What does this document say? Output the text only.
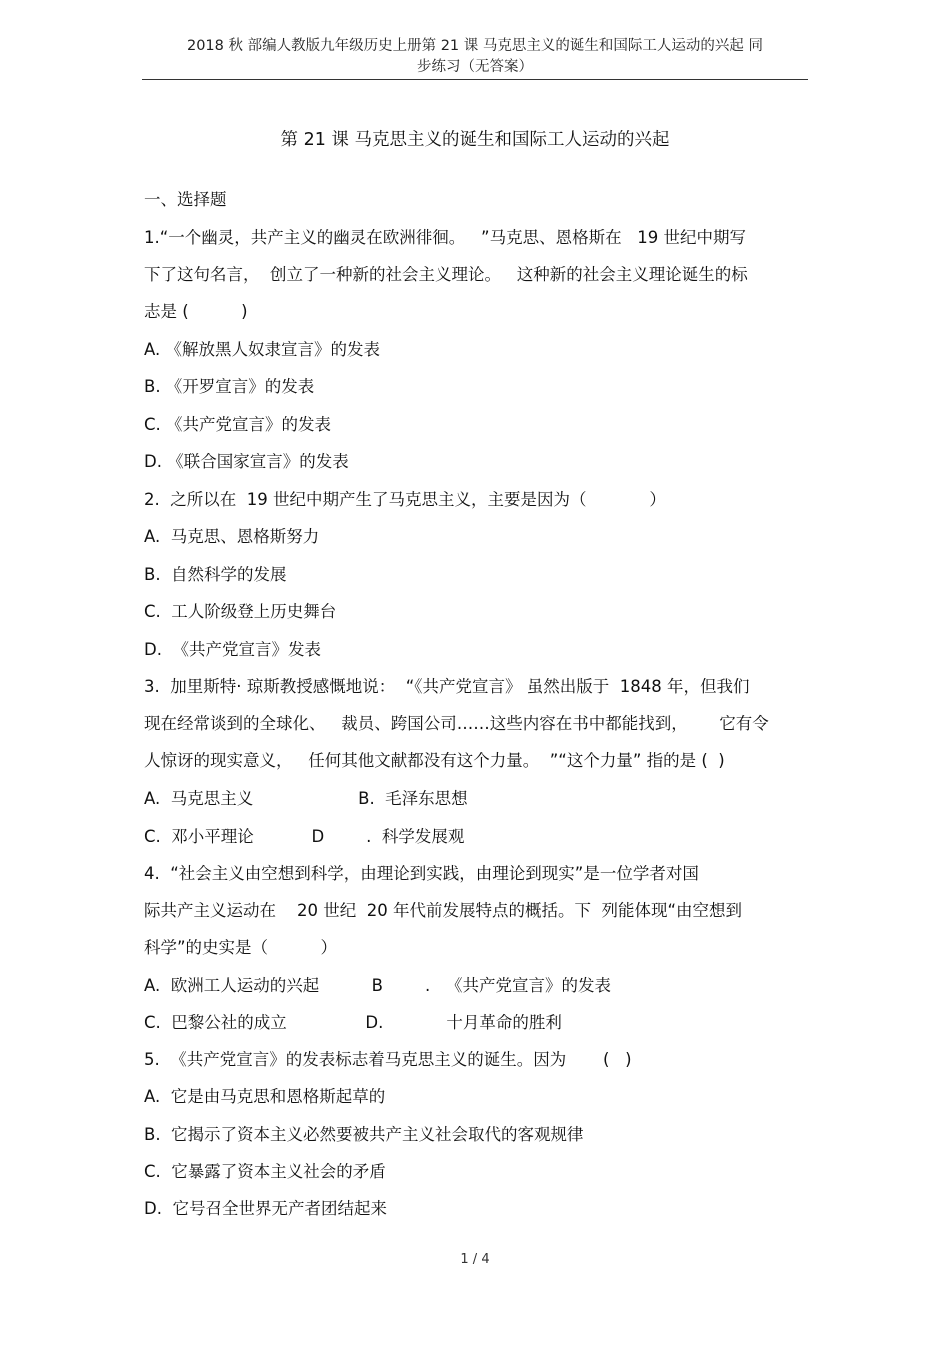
2018 秋 部编人教版九年级历史上册第 21 课 马克思主义的诞生和国际工人运动的兴起 同
步练习（无答案）
第 21 课 马克思主义的诞生和国际工人运动的兴起
一、选择题
1.“一个幽灵，共产主义的幽灵在欧洲徘徊。   ”马克思、恩格斯在   19 世纪中期写
下了这句名言，  创立了一种新的社会主义理论。   这种新的社会主义理论诞生的标
志是 (          )
A. 《解放黑人奴隶宣言》的发表
B. 《开罗宣言》的发表
C. 《共产党宣言》的发表
D. 《联合国家宣言》的发表
2.  之所以在  19 世纪中期产生了马克思主义，主要是因为（            ）
A.  马克思、恩格斯努力
B.  自然科学的发展
C.  工人阶级登上历史舞台
D.  《共产党宣言》发表
3.  加里斯特· 琼斯教授感慨地说：  “《共产党宣言》 虽然出版于  1848 年，但我们
现在经常谈到的全球化、   裁员、跨国公司……这些内容在书中都能找到，      它有令
人惊讶的现实意义，   任何其他文献都没有这个力量。  ”“这个力量” 指的是 (  )
A.  马克思主义                    B.  毛泽东思想
C.  邓小平理论           D        .  科学发展观
4.  “社会主义由空想到科学，由理论到实践，由理论到现实”是一位学者对国
际共产主义运动在    20 世纪  20 年代前发展特点的概括。下  列能体现“由空想到
科学”的史实是（          ）
A.  欧洲工人运动的兴起          B        .   《共产党宣言》的发表
C.  巴黎公社的成立               D.            十月革命的胜利
5.  《共产党宣言》的发表标志着马克思主义的诞生。因为       (   )
A.  它是由马克思和恩格斯起草的
B.  它揭示了资本主义必然要被共产主义社会取代的客观规律
C.  它暴露了资本主义社会的矛盾
D.  它号召全世界无产者团结起来
1 / 4
